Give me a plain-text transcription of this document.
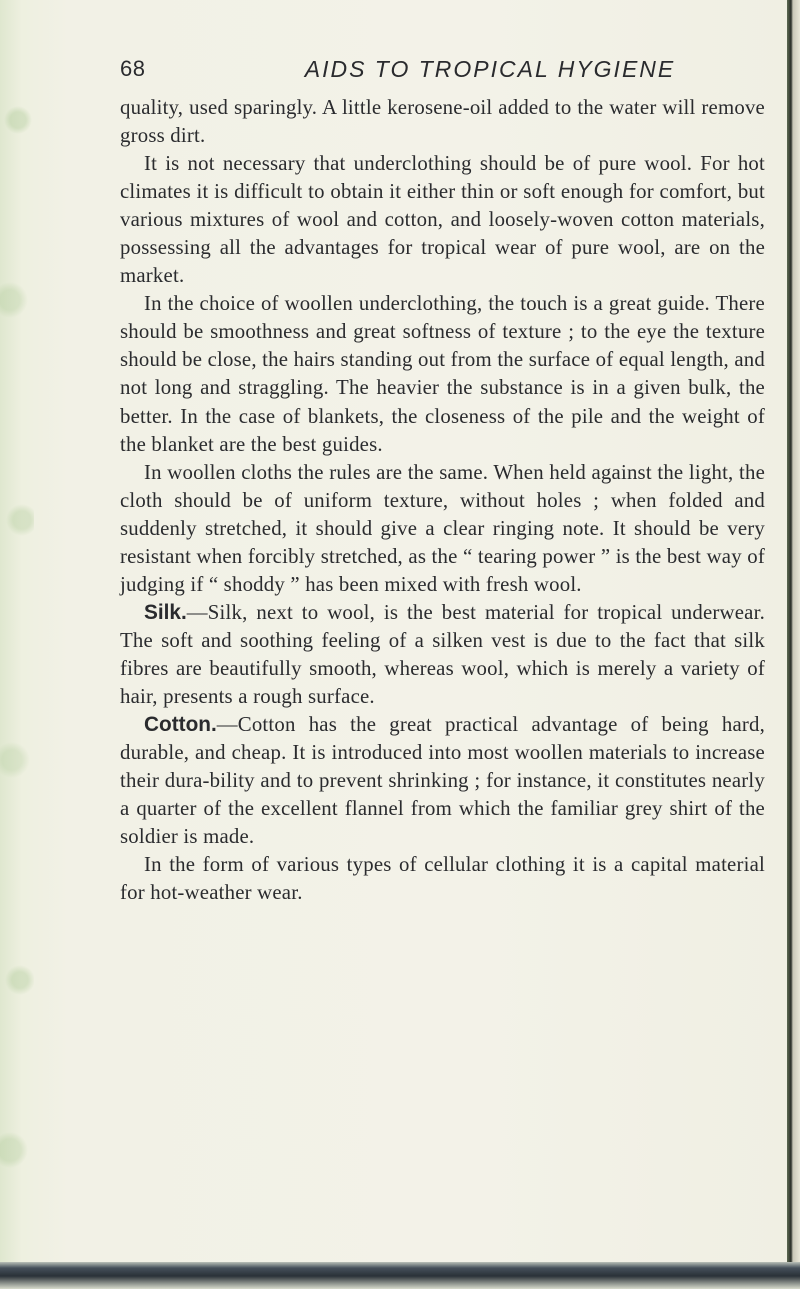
68	AIDS TO TROPICAL HYGIENE

quality, used sparingly. A little kerosene-oil added to the water will remove gross dirt.

It is not necessary that underclothing should be of pure wool. For hot climates it is difficult to obtain it either thin or soft enough for comfort, but various mixtures of wool and cotton, and loosely-woven cotton materials, possessing all the advantages for tropical wear of pure wool, are on the market.

In the choice of woollen underclothing, the touch is a great guide. There should be smoothness and great softness of texture ; to the eye the texture should be close, the hairs standing out from the surface of equal length, and not long and straggling. The heavier the substance is in a given bulk, the better. In the case of blankets, the closeness of the pile and the weight of the blanket are the best guides.

In woollen cloths the rules are the same. When held against the light, the cloth should be of uniform texture, without holes ; when folded and suddenly stretched, it should give a clear ringing note. It should be very resistant when forcibly stretched, as the “ tearing power ” is the best way of judging if “ shoddy ” has been mixed with fresh wool.

Silk.—Silk, next to wool, is the best material for tropical underwear. The soft and soothing feeling of a silken vest is due to the fact that silk fibres are beautifully smooth, whereas wool, which is merely a variety of hair, presents a rough surface.

Cotton.—Cotton has the great practical advantage of being hard, durable, and cheap. It is introduced into most woollen materials to increase their dura-bility and to prevent shrinking ; for instance, it constitutes nearly a quarter of the excellent flannel from which the familiar grey shirt of the soldier is made.

In the form of various types of cellular clothing it is a capital material for hot-weather wear.
